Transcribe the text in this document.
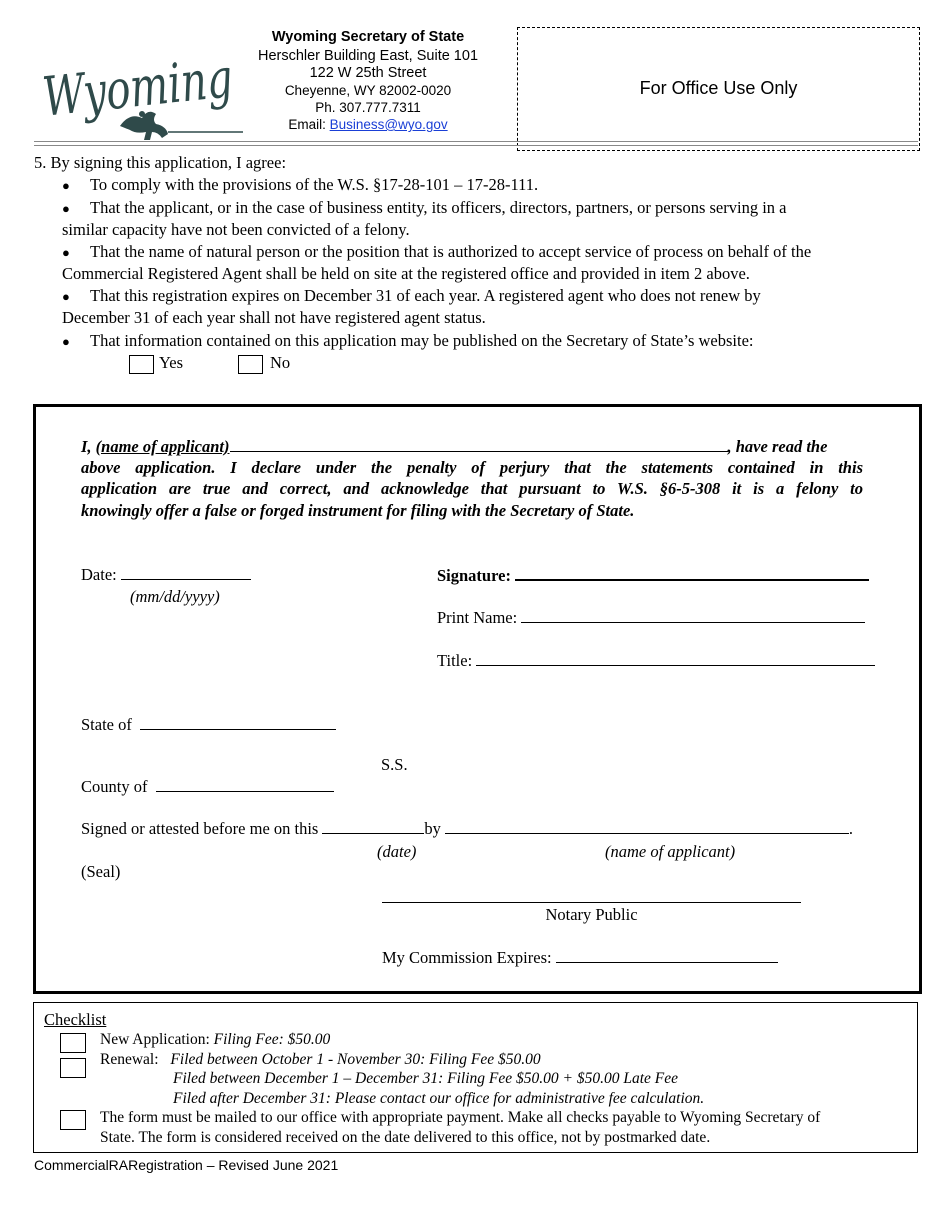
Wyoming
Wyoming Secretary of State
Herschler Building East, Suite 101
122 W 25th Street
Cheyenne, WY 82002-0020
Ph. 307.777.7311
Email: Business@wyo.gov
For Office Use Only
5. By signing this application, I agree:
● To comply with the provisions of the W.S. §17-28-101 – 17-28-111.
● That the applicant, or in the case of business entity, its officers, directors, partners, or persons serving in a
similar capacity have not been convicted of a felony.
● That the name of natural person or the position that is authorized to accept service of process on behalf of the
Commercial Registered Agent shall be held on site at the registered office and provided in item 2 above.
● That this registration expires on December 31 of each year. A registered agent who does not renew by
December 31 of each year shall not have registered agent status.
● That information contained on this application may be published on the Secretary of State’s website:
Yes	No
I, (name of applicant)	, have read the
above application. I declare under the penalty of perjury that the statements contained in this
application are true and correct, and acknowledge that pursuant to W.S. §6-5-308 it is a felony to
knowingly offer a false or forged instrument for filing with the Secretary of State.
Date:
(mm/dd/yyyy)
Signature:
Print Name:
Title:
State of
S.S.
County of
Signed or attested before me on this	by	.
(date)	(name of applicant)
(Seal)
Notary Public
My Commission Expires:
Checklist
New Application: Filing Fee: $50.00
Renewal: Filed between October 1 - November 30: Filing Fee $50.00
Filed between December 1 – December 31: Filing Fee $50.00 + $50.00 Late Fee
Filed after December 31: Please contact our office for administrative fee calculation.
The form must be mailed to our office with appropriate payment. Make all checks payable to Wyoming Secretary of
State. The form is considered received on the date delivered to this office, not by postmarked date.
CommercialRARegistration – Revised June 2021
